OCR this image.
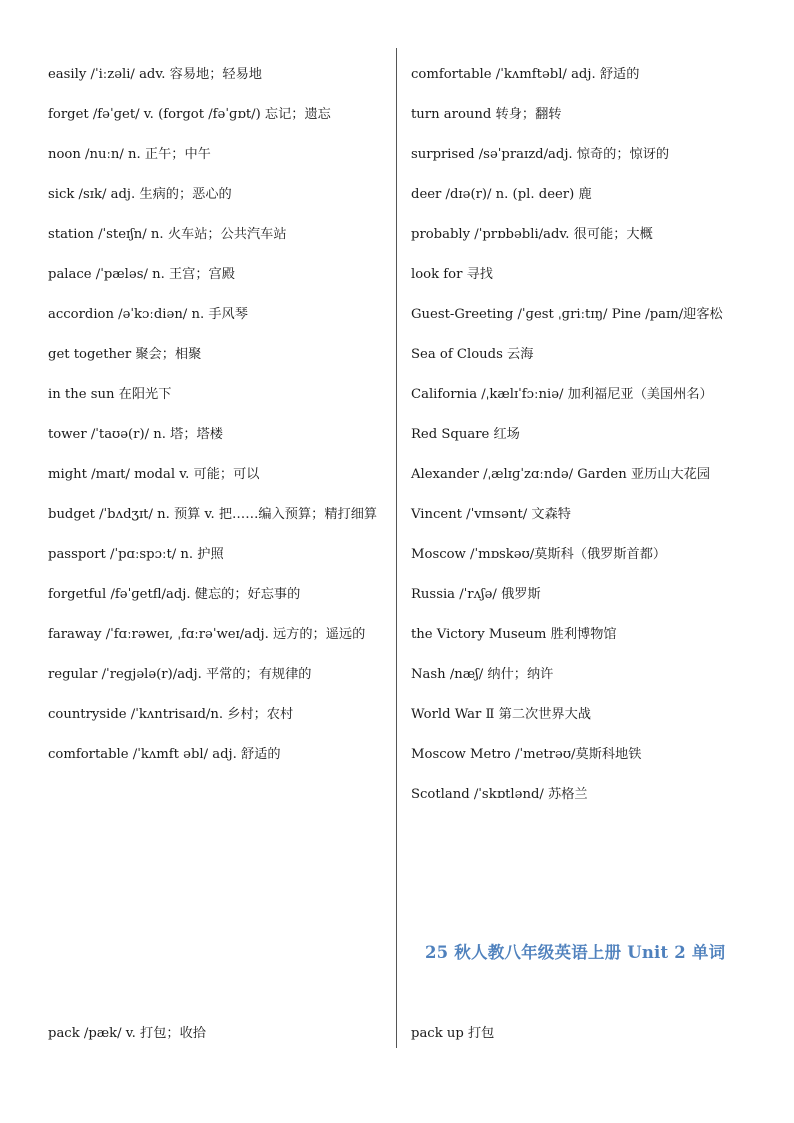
easily /ˈiːzəli/ adv. 容易地；轻易地
forget /fəˈɡet/ v. (forgot /fəˈɡɒt/) 忘记；遗忘
noon /nuːn/ n. 正午；中午
sick /sɪk/ adj. 生病的；恶心的
station /ˈsteɪʃn/ n. 火车站；公共汽车站
palace /ˈpæləs/ n. 王宫；宫殿
accordion /əˈkɔːdiən/ n. 手风琴
get together 聚会；相聚
in the sun 在阳光下
tower /ˈtaʊə(r)/ n. 塔；塔楼
might /maɪt/ modal v. 可能；可以
budget /ˈbʌdʒɪt/ n. 预算 v. 把……编入预算；精打细算
passport /ˈpɑːspɔːt/ n. 护照
forgetful /fəˈɡetfl/adj. 健忘的；好忘事的
faraway /ˈfɑːrəweɪ, ˌfɑːrəˈweɪ/adj. 远方的；遥远的
regular /ˈreɡjələ(r)/adj. 平常的；有规律的
countryside /ˈkʌntrisaɪd/n. 乡村；农村
comfortable /ˈkʌmft əbl/ adj. 舒适的
comfortable /ˈkʌmftəbl/ adj. 舒适的
turn around 转身；翻转
surprised /səˈpraɪzd/adj. 惊奇的；惊讶的
deer /dɪə(r)/ n. (pl. deer) 鹿
probably /ˈprɒbəbli/adv. 很可能；大概
look for 寻找
Guest-Greeting /ˈɡest ˌɡriːtɪŋ/ Pine /paɪn/迎客松
Sea of Clouds 云海
California /ˌkælɪˈfɔːniə/ 加利福尼亚（美国州名）
Red Square 红场
Alexander /ˌælɪɡˈzɑːndə/ Garden 亚历山大花园
Vincent /ˈvɪnsənt/ 文森特
Moscow /ˈmɒskəʊ/莫斯科（俄罗斯首都）
Russia /ˈrʌʃə/ 俄罗斯
the Victory Museum 胜利博物馆
Nash /næʃ/ 纳什；纳许
World War Ⅱ 第二次世界大战
Moscow Metro /ˈmetrəʊ/莫斯科地铁
Scotland /ˈskɒtlənd/ 苏格兰
25 秋人教八年级英语上册 Unit 2 单词
pack /pæk/ v. 打包；收拾	pack up 打包
